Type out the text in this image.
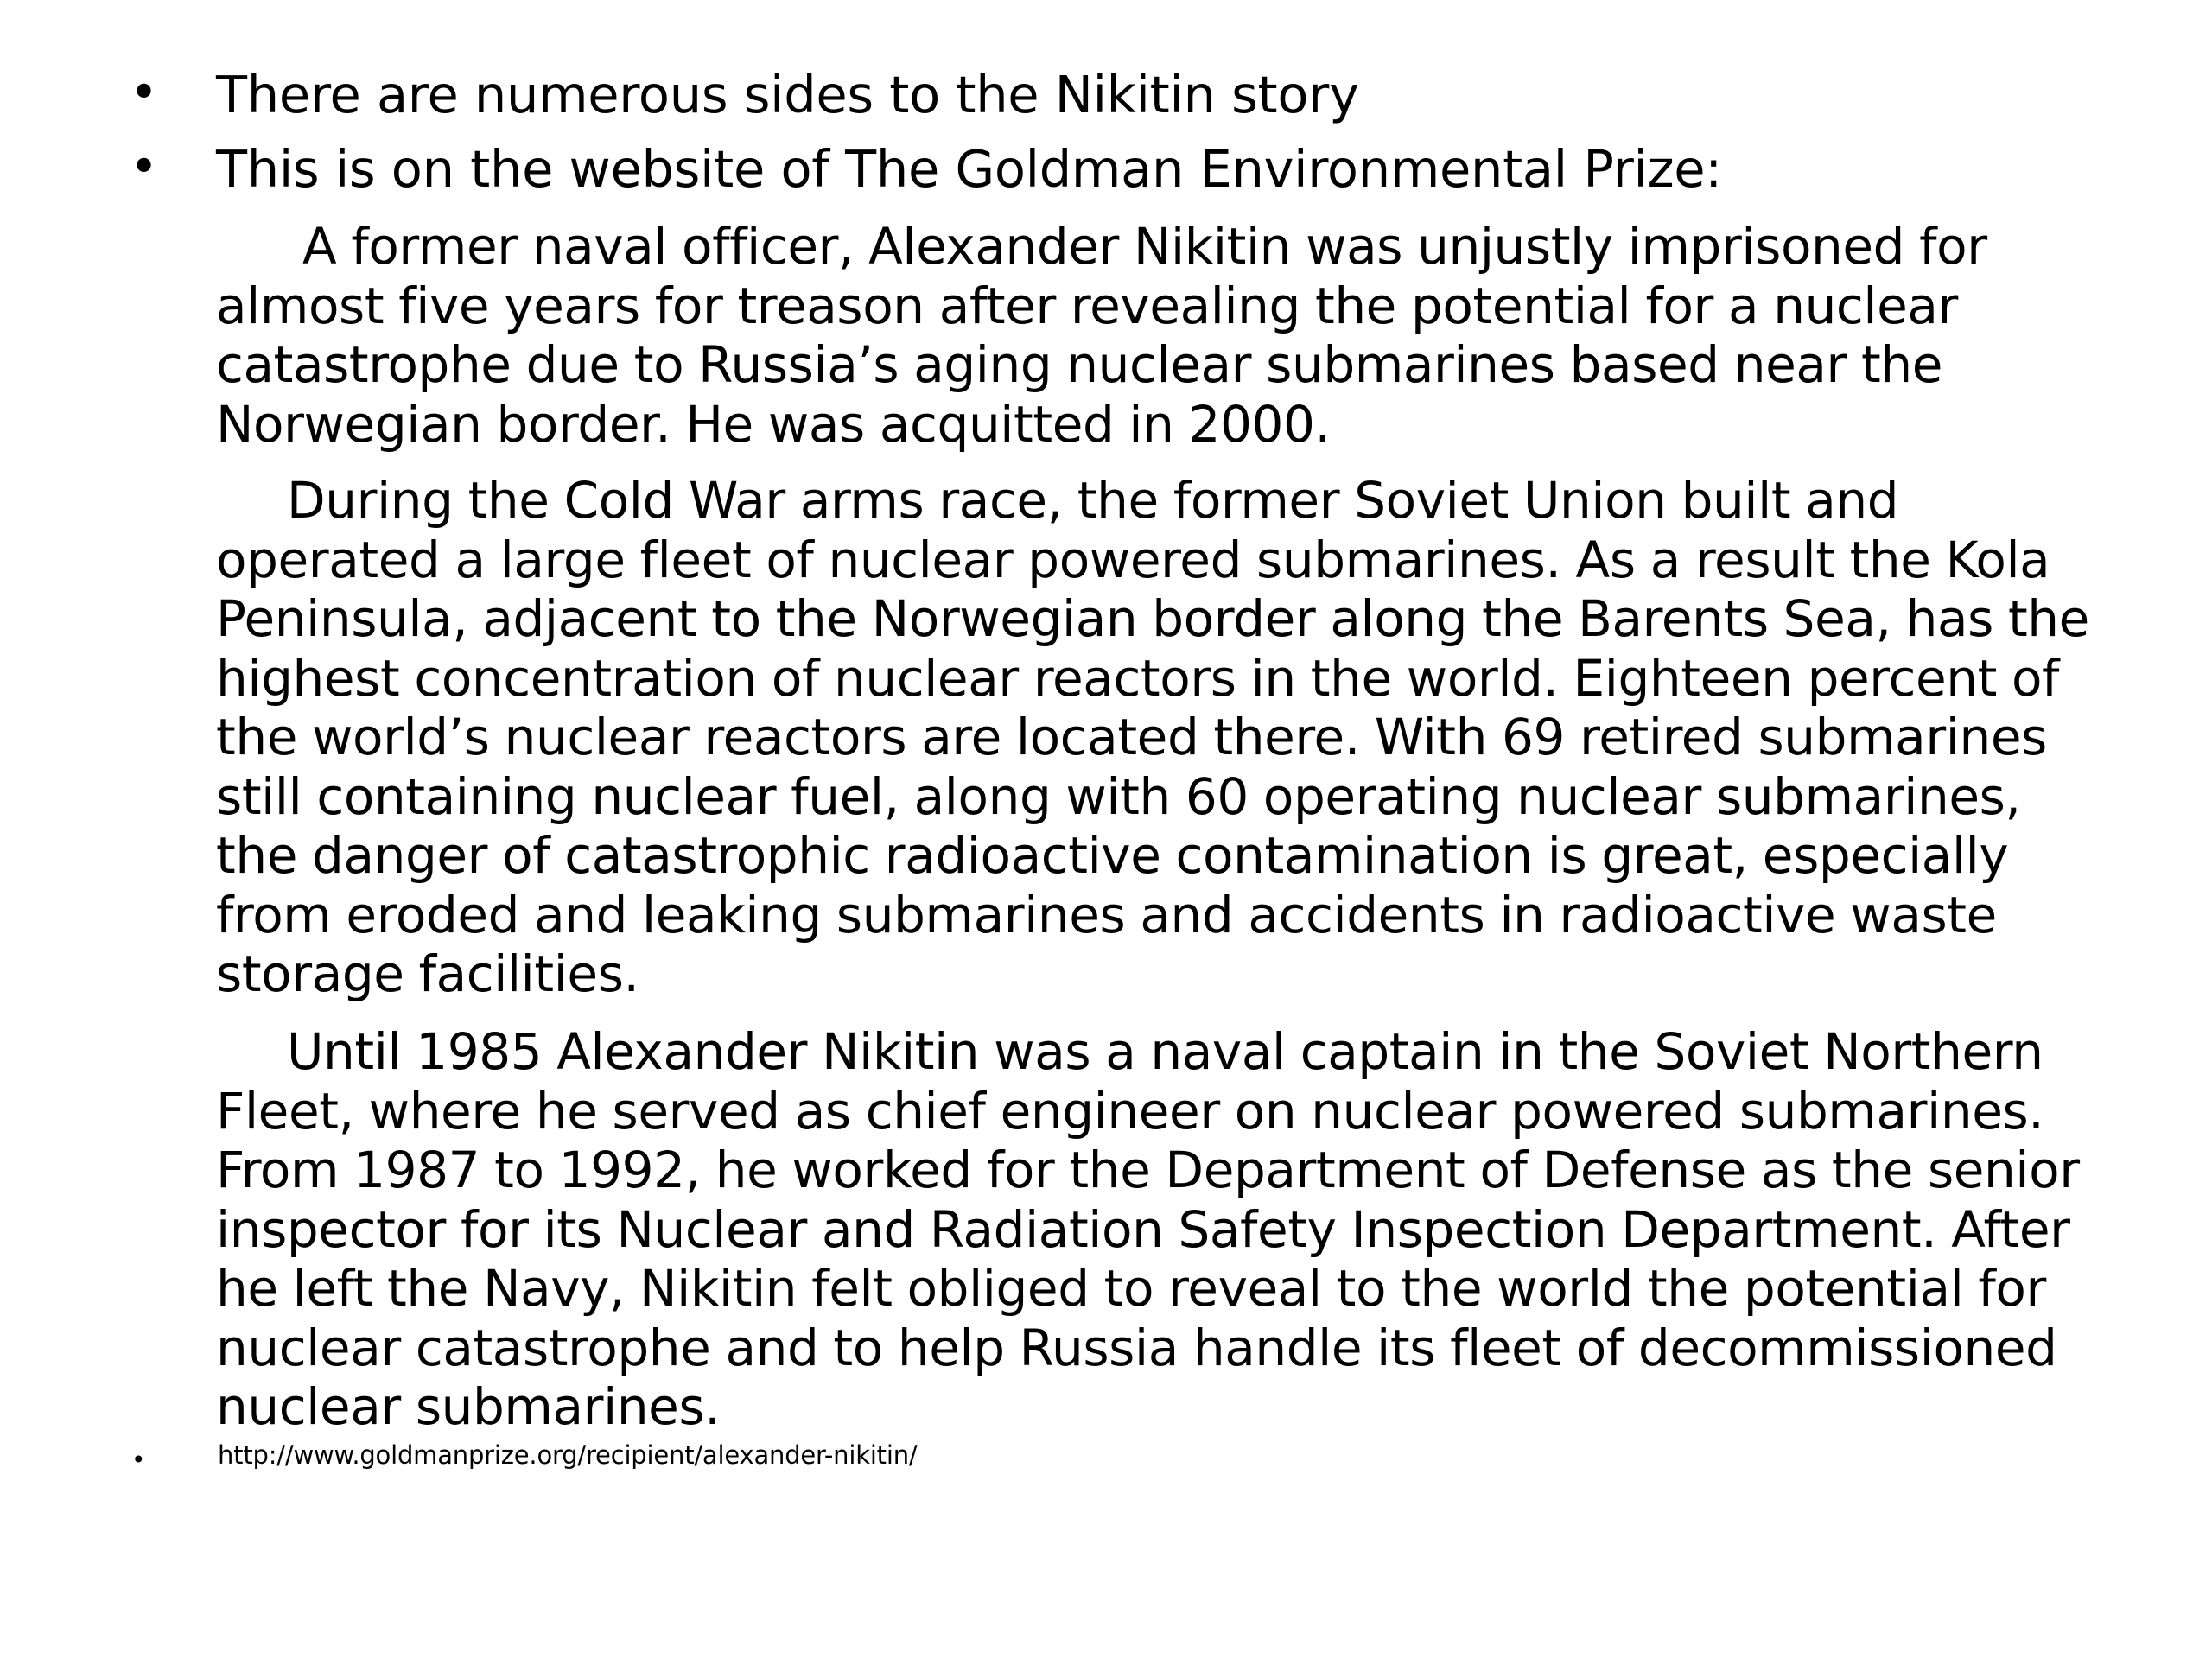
• There are numerous sides to the Nikitin story
• This is on the website of The Goldman Environmental Prize:

A former naval officer, Alexander Nikitin was unjustly imprisoned for almost five years for treason after revealing the potential for a nuclear catastrophe due to Russia’s aging nuclear submarines based near the Norwegian border. He was acquitted in 2000.

During the Cold War arms race, the former Soviet Union built and operated a large fleet of nuclear powered submarines. As a result the Kola Peninsula, adjacent to the Norwegian border along the Barents Sea, has the highest concentration of nuclear reactors in the world. Eighteen percent of the world’s nuclear reactors are located there. With 69 retired submarines still containing nuclear fuel, along with 60 operating nuclear submarines, the danger of catastrophic radioactive contamination is great, especially from eroded and leaking submarines and accidents in radioactive waste storage facilities.

Until 1985 Alexander Nikitin was a naval captain in the Soviet Northern Fleet, where he served as chief engineer on nuclear powered submarines. From 1987 to 1992, he worked for the Department of Defense as the senior inspector for its Nuclear and Radiation Safety Inspection Department. After he left the Navy, Nikitin felt obliged to reveal to the world the potential for nuclear catastrophe and to help Russia handle its fleet of decommissioned nuclear submarines.

•	http://www.goldmanprize.org/recipient/alexander-nikitin/
